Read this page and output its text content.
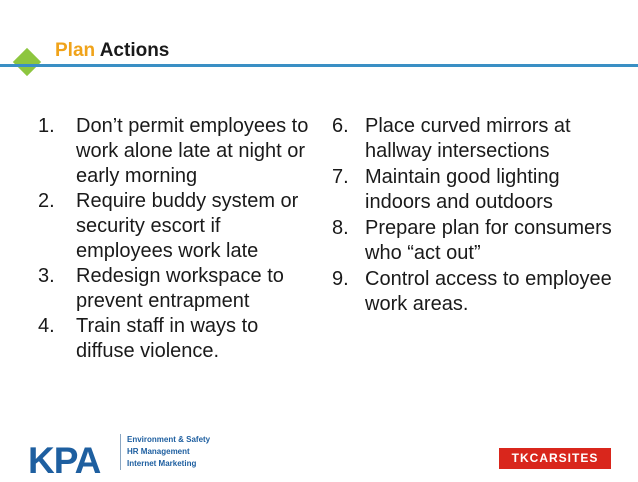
Plan Actions
1. Don’t permit employees to work alone late at night or early morning
2. Require buddy system or security escort if employees work late
3. Redesign workspace to prevent entrapment
4. Train staff in ways to diffuse violence.
6. Place curved mirrors at hallway intersections
7. Maintain good lighting indoors and outdoors
8. Prepare plan for consumers who “act out”
9. Control access to employee work areas.
KPA
Environment & Safety
HR Management
Internet Marketing	TKCARSITES
